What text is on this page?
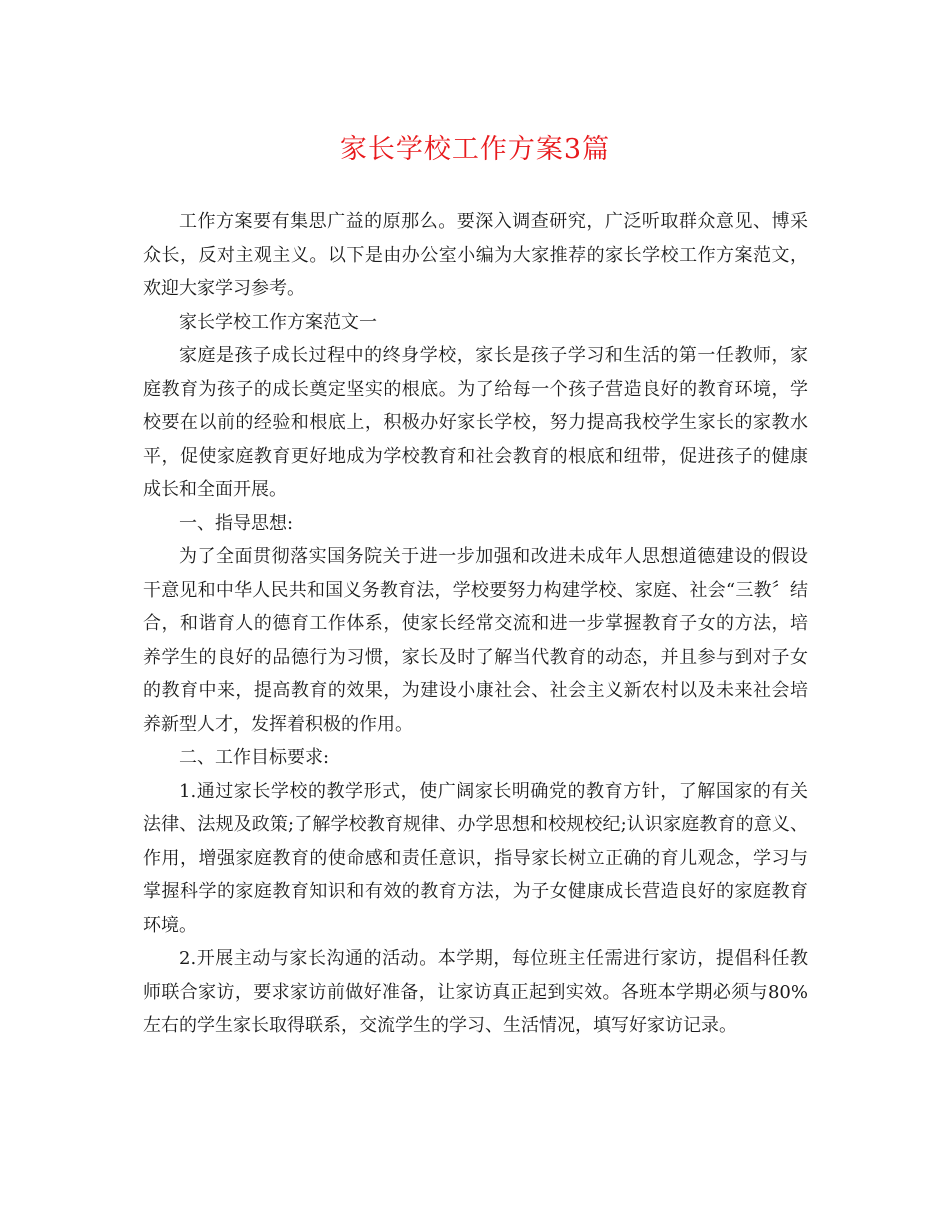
家长学校工作方案3篇

工作方案要有集思广益的原那么。要深入调查研究，广泛听取群众意见、博采众长，反对主观主义。以下是由办公室小编为大家推荐的家长学校工作方案范文，欢迎大家学习参考。

家长学校工作方案范文一

家庭是孩子成长过程中的终身学校，家长是孩子学习和生活的第一任教师，家庭教育为孩子的成长奠定坚实的根底。为了给每一个孩子营造良好的教育环境，学校要在以前的经验和根底上，积极办好家长学校，努力提高我校学生家长的家教水平，促使家庭教育更好地成为学校教育和社会教育的根底和纽带，促进孩子的健康成长和全面开展。

一、指导思想:

为了全面贯彻落实国务院关于进一步加强和改进未成年人思想道德建设的假设干意见和中华人民共和国义务教育法，学校要努力构建学校、家庭、社会“三教〞结合，和谐育人的德育工作体系，使家长经常交流和进一步掌握教育子女的方法，培养学生的良好的品德行为习惯，家长及时了解当代教育的动态，并且参与到对子女的教育中来，提高教育的效果，为建设小康社会、社会主义新农村以及未来社会培养新型人才，发挥着积极的作用。

二、工作目标要求:

1.通过家长学校的教学形式，使广阔家长明确党的教育方针，了解国家的有关法律、法规及政策;了解学校教育规律、办学思想和校规校纪;认识家庭教育的意义、作用，增强家庭教育的使命感和责任意识，指导家长树立正确的育儿观念，学习与掌握科学的家庭教育知识和有效的教育方法，为子女健康成长营造良好的家庭教育环境。

2.开展主动与家长沟通的活动。本学期，每位班主任需进行家访，提倡科任教师联合家访，要求家访前做好准备，让家访真正起到实效。各班本学期必须与80%左右的学生家长取得联系，交流学生的学习、生活情况，填写好家访记录。
